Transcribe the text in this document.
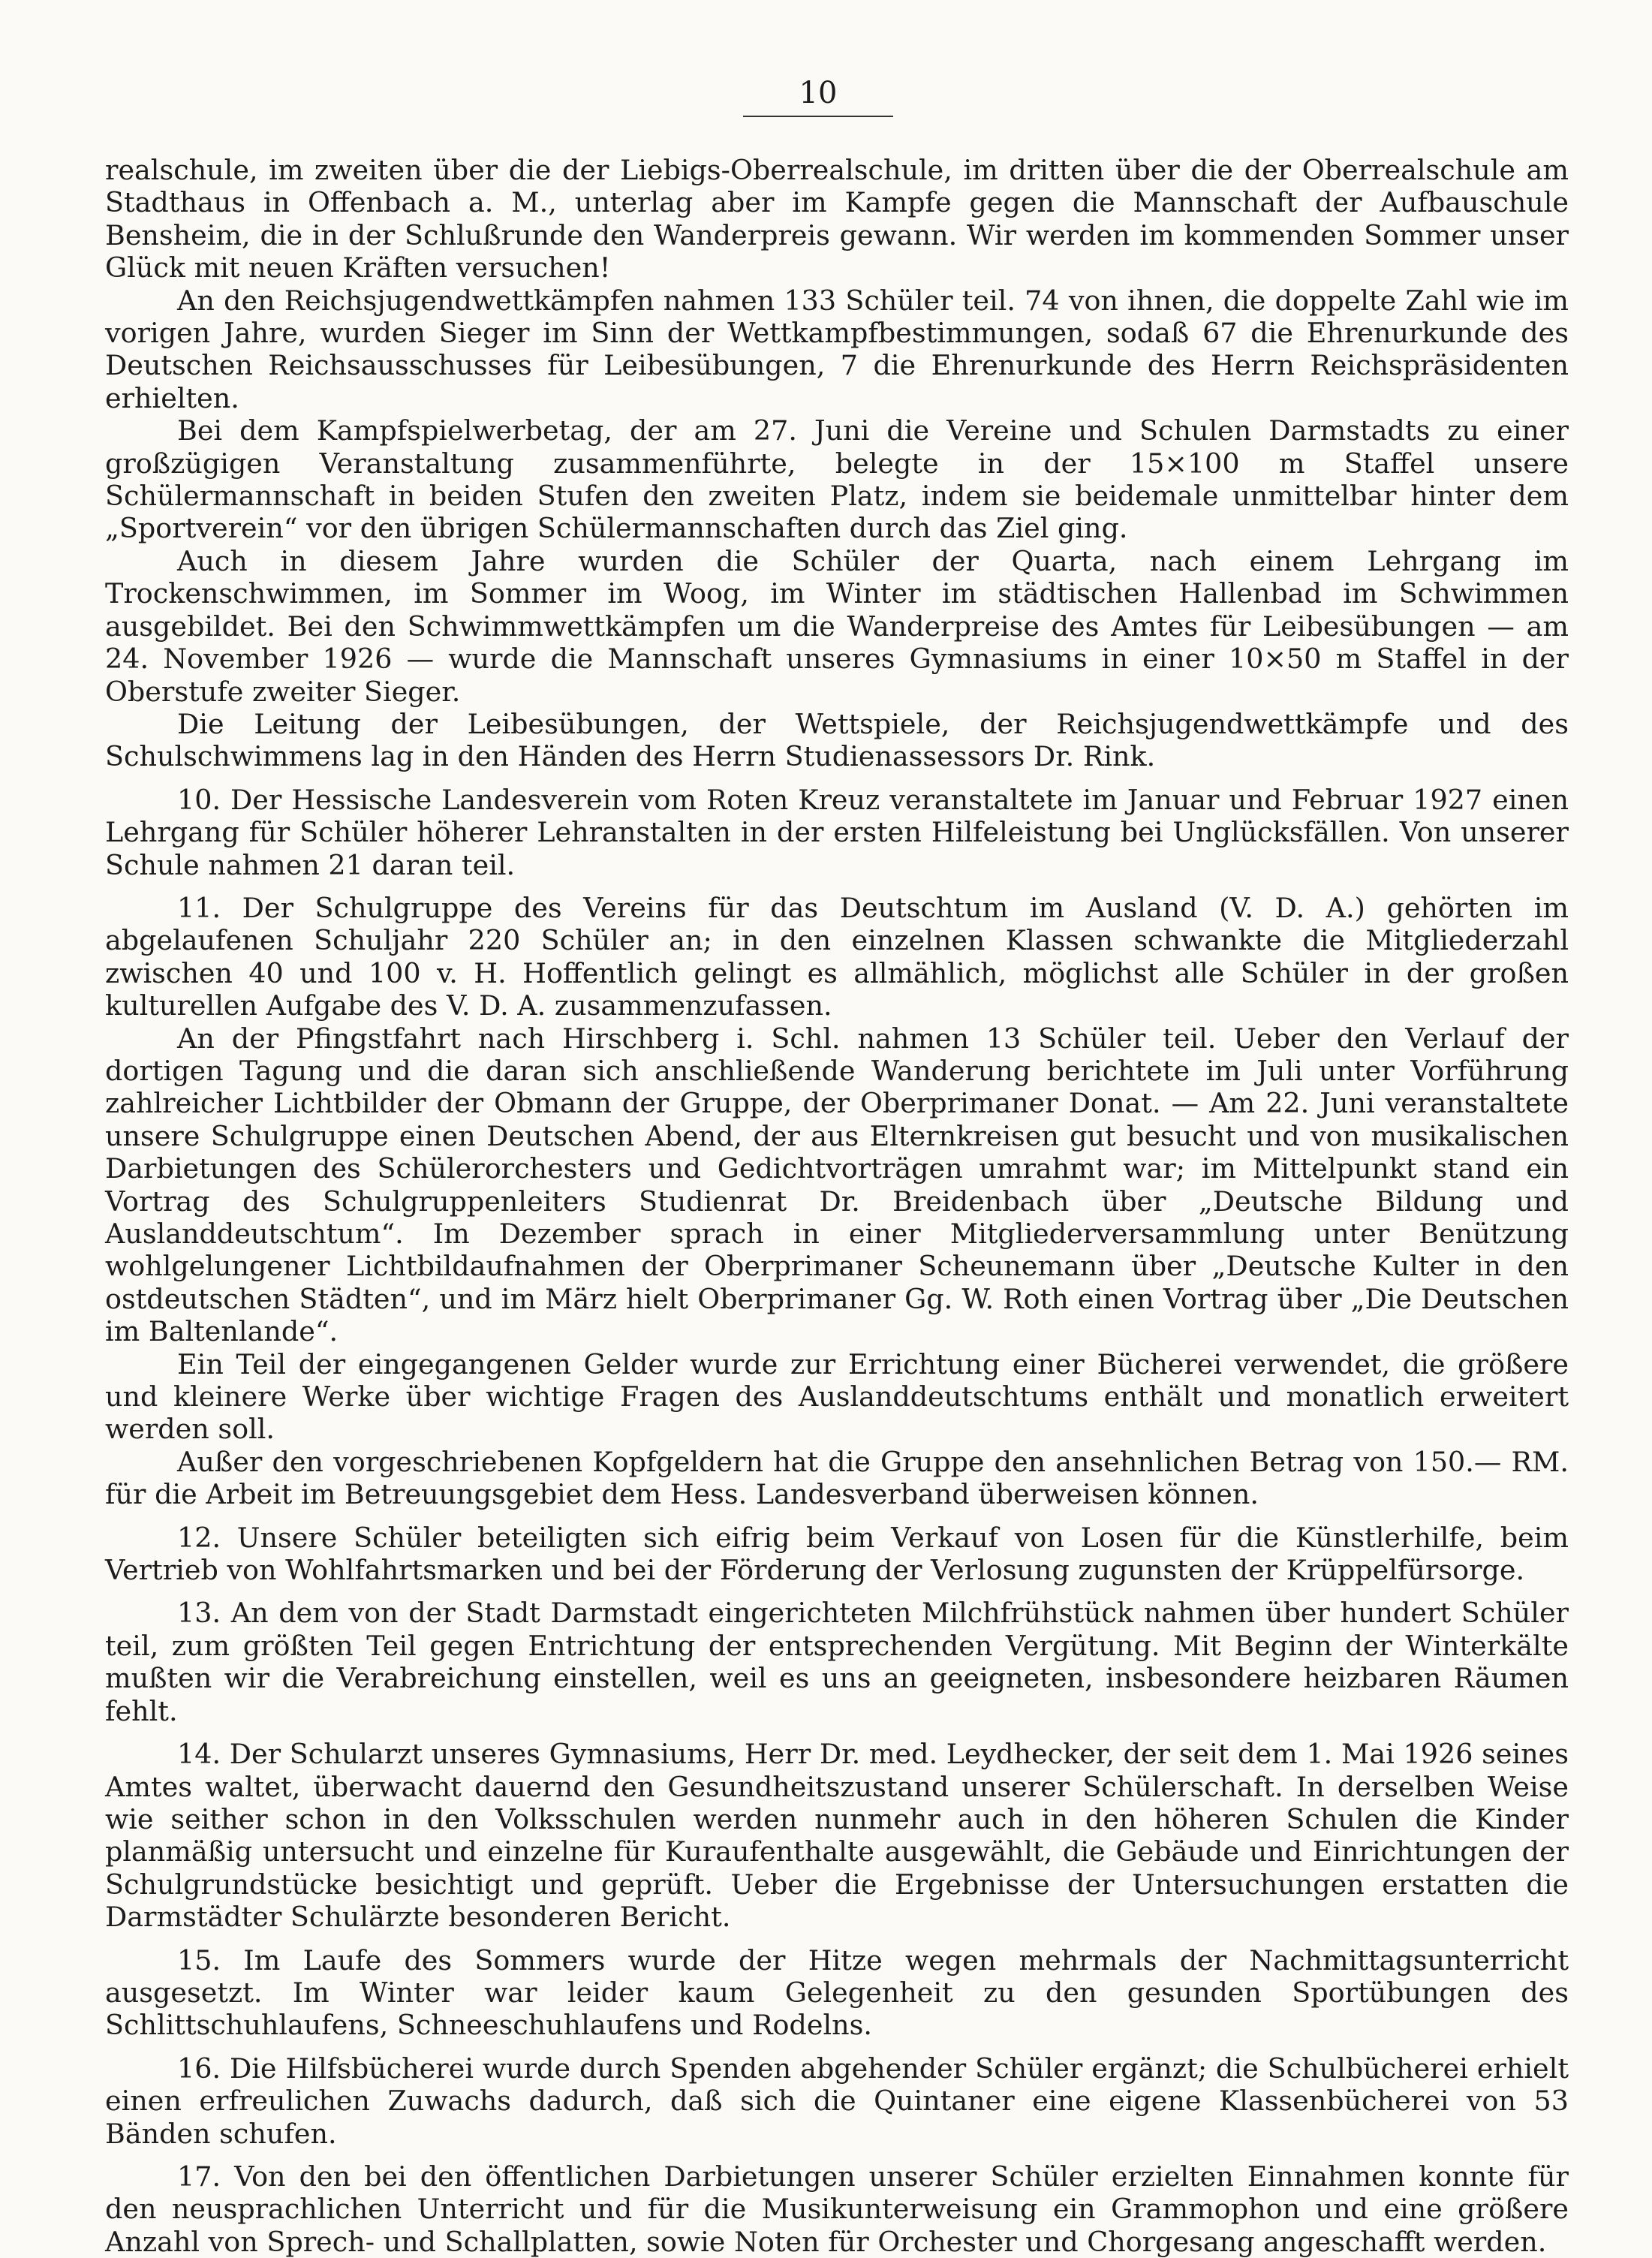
10

realschule, im zweiten über die der Liebigs-Oberrealschule, im dritten über die der Oberrealschule am Stadthaus in Offenbach a. M., unterlag aber im Kampfe gegen die Mannschaft der Aufbauschule Bensheim, die in der Schlußrunde den Wanderpreis gewann. Wir werden im kommenden Sommer unser Glück mit neuen Kräften versuchen!

An den Reichsjugendwettkämpfen nahmen 133 Schüler teil. 74 von ihnen, die doppelte Zahl wie im vorigen Jahre, wurden Sieger im Sinn der Wettkampfbestimmungen, sodaß 67 die Ehrenurkunde des Deutschen Reichsausschusses für Leibesübungen, 7 die Ehrenurkunde des Herrn Reichspräsidenten erhielten.

Bei dem Kampfspielwerbetag, der am 27. Juni die Vereine und Schulen Darmstadts zu einer großzügigen Veranstaltung zusammenführte, belegte in der 15×100 m Staffel unsere Schülermannschaft in beiden Stufen den zweiten Platz, indem sie beidemale unmittelbar hinter dem „Sportverein“ vor den übrigen Schülermannschaften durch das Ziel ging.

Auch in diesem Jahre wurden die Schüler der Quarta, nach einem Lehrgang im Trockenschwimmen, im Sommer im Woog, im Winter im städtischen Hallenbad im Schwimmen ausgebildet. Bei den Schwimmwettkämpfen um die Wanderpreise des Amtes für Leibesübungen — am 24. November 1926 — wurde die Mannschaft unseres Gymnasiums in einer 10×50 m Staffel in der Oberstufe zweiter Sieger.

Die Leitung der Leibesübungen, der Wettspiele, der Reichsjugendwettkämpfe und des Schulschwimmens lag in den Händen des Herrn Studienassessors Dr. Rink.

10. Der Hessische Landesverein vom Roten Kreuz veranstaltete im Januar und Februar 1927 einen Lehrgang für Schüler höherer Lehranstalten in der ersten Hilfeleistung bei Unglücksfällen. Von unserer Schule nahmen 21 daran teil.

11. Der Schulgruppe des Vereins für das Deutschtum im Ausland (V. D. A.) gehörten im abgelaufenen Schuljahr 220 Schüler an; in den einzelnen Klassen schwankte die Mitgliederzahl zwischen 40 und 100 v. H. Hoffentlich gelingt es allmählich, möglichst alle Schüler in der großen kulturellen Aufgabe des V. D. A. zusammenzufassen.

An der Pfingstfahrt nach Hirschberg i. Schl. nahmen 13 Schüler teil. Ueber den Verlauf der dortigen Tagung und die daran sich anschließende Wanderung berichtete im Juli unter Vorführung zahlreicher Lichtbilder der Obmann der Gruppe, der Oberprimaner Donat. — Am 22. Juni veranstaltete unsere Schulgruppe einen Deutschen Abend, der aus Elternkreisen gut besucht und von musikalischen Darbietungen des Schülerorchesters und Gedichtvorträgen umrahmt war; im Mittelpunkt stand ein Vortrag des Schulgruppenleiters Studienrat Dr. Breidenbach über „Deutsche Bildung und Auslanddeutschtum“. Im Dezember sprach in einer Mitgliederversammlung unter Benützung wohlgelungener Lichtbildaufnahmen der Oberprimaner Scheunemann über „Deutsche Kulter in den ostdeutschen Städten“, und im März hielt Oberprimaner Gg. W. Roth einen Vortrag über „Die Deutschen im Baltenlande“.

Ein Teil der eingegangenen Gelder wurde zur Errichtung einer Bücherei verwendet, die größere und kleinere Werke über wichtige Fragen des Auslanddeutschtums enthält und monatlich erweitert werden soll.

Außer den vorgeschriebenen Kopfgeldern hat die Gruppe den ansehnlichen Betrag von 150.— RM. für die Arbeit im Betreuungsgebiet dem Hess. Landesverband überweisen können.

12. Unsere Schüler beteiligten sich eifrig beim Verkauf von Losen für die Künstlerhilfe, beim Vertrieb von Wohlfahrtsmarken und bei der Förderung der Verlosung zugunsten der Krüppelfürsorge.

13. An dem von der Stadt Darmstadt eingerichteten Milchfrühstück nahmen über hundert Schüler teil, zum größten Teil gegen Entrichtung der entsprechenden Vergütung. Mit Beginn der Winterkälte mußten wir die Verabreichung einstellen, weil es uns an geeigneten, insbesondere heizbaren Räumen fehlt.

14. Der Schularzt unseres Gymnasiums, Herr Dr. med. Leydhecker, der seit dem 1. Mai 1926 seines Amtes waltet, überwacht dauernd den Gesundheitszustand unserer Schülerschaft. In derselben Weise wie seither schon in den Volksschulen werden nunmehr auch in den höheren Schulen die Kinder planmäßig untersucht und einzelne für Kuraufenthalte ausgewählt, die Gebäude und Einrichtungen der Schulgrundstücke besichtigt und geprüft. Ueber die Ergebnisse der Untersuchungen erstatten die Darmstädter Schulärzte besonderen Bericht.

15. Im Laufe des Sommers wurde der Hitze wegen mehrmals der Nachmittagsunterricht ausgesetzt. Im Winter war leider kaum Gelegenheit zu den gesunden Sportübungen des Schlittschuhlaufens, Schneeschuhlaufens und Rodelns.

16. Die Hilfsbücherei wurde durch Spenden abgehender Schüler ergänzt; die Schulbücherei erhielt einen erfreulichen Zuwachs dadurch, daß sich die Quintaner eine eigene Klassenbücherei von 53 Bänden schufen.

17. Von den bei den öffentlichen Darbietungen unserer Schüler erzielten Einnahmen konnte für den neusprachlichen Unterricht und für die Musikunterweisung ein Grammophon und eine größere Anzahl von Sprech- und Schallplatten, sowie Noten für Orchester und Chorgesang angeschafft werden.
